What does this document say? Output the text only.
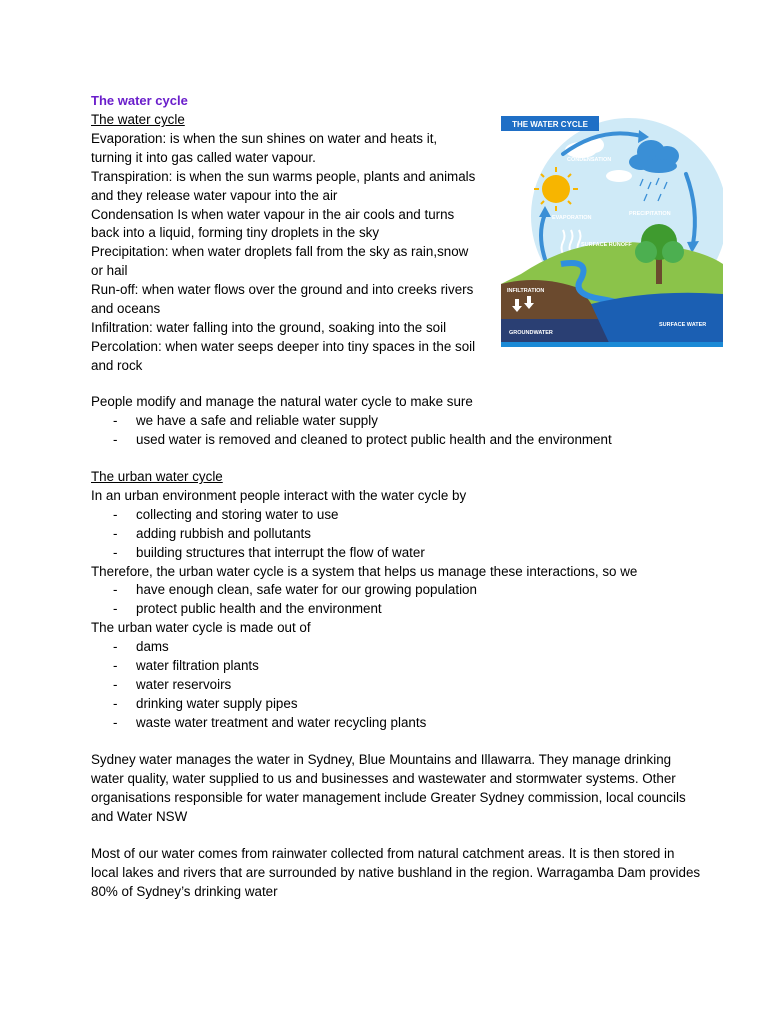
The water cycle
The water cycle
Evaporation: is when the sun shines on water and heats it,
turning it into gas called water vapour.
Transpiration: is when the sun warms people, plants and animals
and they release water vapour into the air
Condensation Is when water vapour in the air cools and turns
back into a liquid, forming tiny droplets in the sky
Precipitation: when water droplets fall from the sky as rain,snow
or hail
Run-off: when water flows over the ground and into creeks rivers
and oceans
Infiltration: water falling into the ground, soaking into the soil
Percolation: when water seeps deeper into tiny spaces in the soil
and rock
People modify and manage the natural water cycle to make sure
-	we have a safe and reliable water supply
-	used water is removed and cleaned to protect public health and the environment
The urban water cycle
In an urban environment people interact with the water cycle by
-	collecting and storing water to use
-	adding rubbish and pollutants
-	building structures that interrupt the flow of water
Therefore, the urban water cycle is a system that helps us manage these interactions, so we
-	have enough clean, safe water for our growing population
-	protect public health and the environment
The urban water cycle is made out of
-	dams
-	water filtration plants
-	water reservoirs
-	drinking water supply pipes
-	waste water treatment and water recycling plants

Sydney water manages the water in Sydney, Blue Mountains and Illawarra. They manage drinking water quality, water supplied to us and businesses and wastewater and stormwater systems. Other organisations responsible for water management include Greater Sydney commission, local councils and Water NSW

Most of our water comes from rainwater collected from natural catchment areas. It is then stored in local lakes and rivers that are surrounded by native bushland in the region. Warragamba Dam provides 80% of Sydney’s drinking water

THE WATER CYCLE
CONDENSATION
PRECIPITATION
EVAPORATION
SURFACE RUNOFF
INFILTRATION
GROUNDWATER
SURFACE WATER
